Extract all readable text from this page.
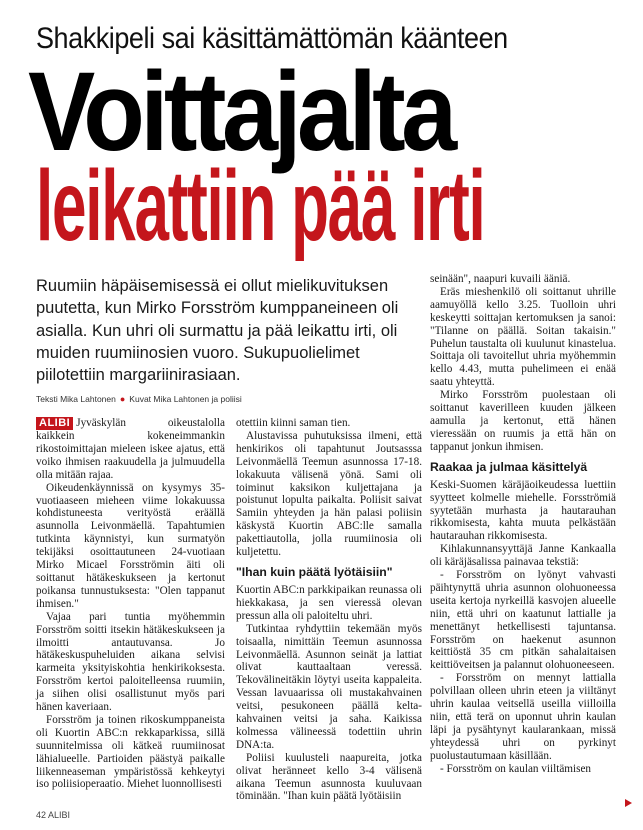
Shakkipeli sai käsittämättömän käänteen
Voittajalta
leikattiin pää irti
Ruumiin häpäisemisessä ei ollut mielikuvituksen puutetta, kun Mirko Forsström kumppaneineen oli asialla. Kun uhri oli surmattu ja pää leikattu irti, oli muiden ruumiinosien vuoro. Sukupuolielimet piilotettiin margariinirasiaan.
Teksti Mika Lahtonen ● Kuvat Mika Lahtonen ja poliisi

ALIBI Jyväskylän oikeustalolla kaikkein kokeneimmankin rikostoimittajan mieleen iskee ajatus, että voiko ihmisen raakuudella ja julmuudella olla mitään rajaa.

Oikeudenkäynnissä on kysymys 35-vuotiaaseen mieheen viime lokakuussa kohdistuneesta verityöstä eräällä asunnolla Leivonmäellä. Tapahtumien tutkinta käynnistyi, kun surmatyön tekijäksi osoittautuneen 24-vuotiaan Mirko Micael Forsströmin äiti oli soittanut hätäkeskukseen ja kertonut poikansa tunnustuksesta: "Olen tappanut ihmisen."

Vajaa pari tuntia myöhemmin Forsström soitti itsekin hätäkeskukseen ja ilmoitti antautuvansa. Jo hätäkeskuspuheluiden aikana selvisi karmeita yksityiskohtia henkirikoksesta. Forsström kertoi paloitelleensa ruumiin, ja siihen olisi osallistunut myös pari hänen kaveriaan.

Forsström ja toinen rikoskumppaneista oli Kuortin ABC:n rekkaparkissa, sillä suunnitelmissa oli kätkeä ruumiinosat lähialueelle. Partioiden päästyä paikalle liikenneaseman ympäristössä kehkeytyi iso poliisioperaatio. Miehet luonnollisesti

otettiin kiinni saman tien.

Alustavissa puhutuksissa ilmeni, että henkirikos oli tapahtunut Joutsasssa Leivonmäellä Teemun asunnossa 17-18. lokakuuta välisenä yönä. Sami oli toiminut kaksikon kuljettajana ja poistunut lopulta paikalta. Poliisit saivat Samiin yhteyden ja hän palasi poliisin käskystä Kuortin ABC:lle samalla pakettiautolla, jolla ruumiinosia oli kuljetettu.

"Ihan kuin päätä lyötäisiin"

Kuortin ABC:n parkkipaikan reunassa oli hiekkakasa, ja sen vieressä olevan pressun alla oli paloiteltu uhri.

Tutkintaa ryhdyttiin tekemään myös toisaalla, nimittäin Teemun asunnossa Leivonmäellä. Asunnon seinät ja lattiat olivat kauttaaltaan veressä. Tekovälineitäkin löytyi useita kappaleita. Vessan lavuaarissa oli mustakahvainen veitsi, pesukoneen päällä kelta-kahvainen veitsi ja saha. Kaikissa kolmessa välineessä todettiin uhrin DNA:ta.

Poliisi kuulusteli naapureita, jotka olivat heränneet kello 3-4 välisenä aikana Teemun asunnosta kuuluvaan töminään. "Ihan kuin päätä lyötäisiin

seinään", naapuri kuvaili ääniä.

Eräs mieshenkilö oli soittanut uhrille aamuyöllä kello 3.25. Tuolloin uhri keskeytti soittajan kertomuksen ja sanoi: "Tilanne on päällä. Soitan takaisin." Puhelun taustalta oli kuulunut kinastelua. Soittaja oli tavoitellut uhria myöhemmin kello 4.43, mutta puhelimeen ei enää saatu yhteyttä.

Mirko Forsström puolestaan oli soittanut kaverilleen kuuden jälkeen aamulla ja kertonut, että hänen vieressään on ruumis ja että hän on tappanut jonkun ihmisen.

Raakaa ja julmaa käsittelyä

Keski-Suomen käräjäoikeudessa luettiin syytteet kolmelle miehelle. Forsströmiä syytetään murhasta ja hautarauhan rikkomisesta, kahta muuta pelkästään hautarauhan rikkomisesta.

Kihlakunnansyyttäjä Janne Kankaalla oli käräjäsalissa painavaa tekstiä:

- Forsström on lyönyt vahvasti päihtynyttä uhria asunnon olohuoneessa useita kertoja nyrkeillä kasvojen alueelle niin, että uhri on kaatunut lattialle ja menettänyt hetkellisesti tajuntansa. Forsström on haekenut asunnon keittiöstä 35 cm pitkän sahalaitaisen keittiöveitsen ja palannut olohuoneeseen.

- Forsström on mennyt lattialla polvillaan olleen uhrin eteen ja viiltänyt uhrin kaulaa veitsellä useilla viilloilla niin, että terä on uponnut uhrin kaulan läpi ja pysähtynyt kaularankaan, missä yhteydessä uhri on pyrkinyt puolustautumaan käsillään.

- Forsström on kaulan viiltämisen

42 ALIBI
